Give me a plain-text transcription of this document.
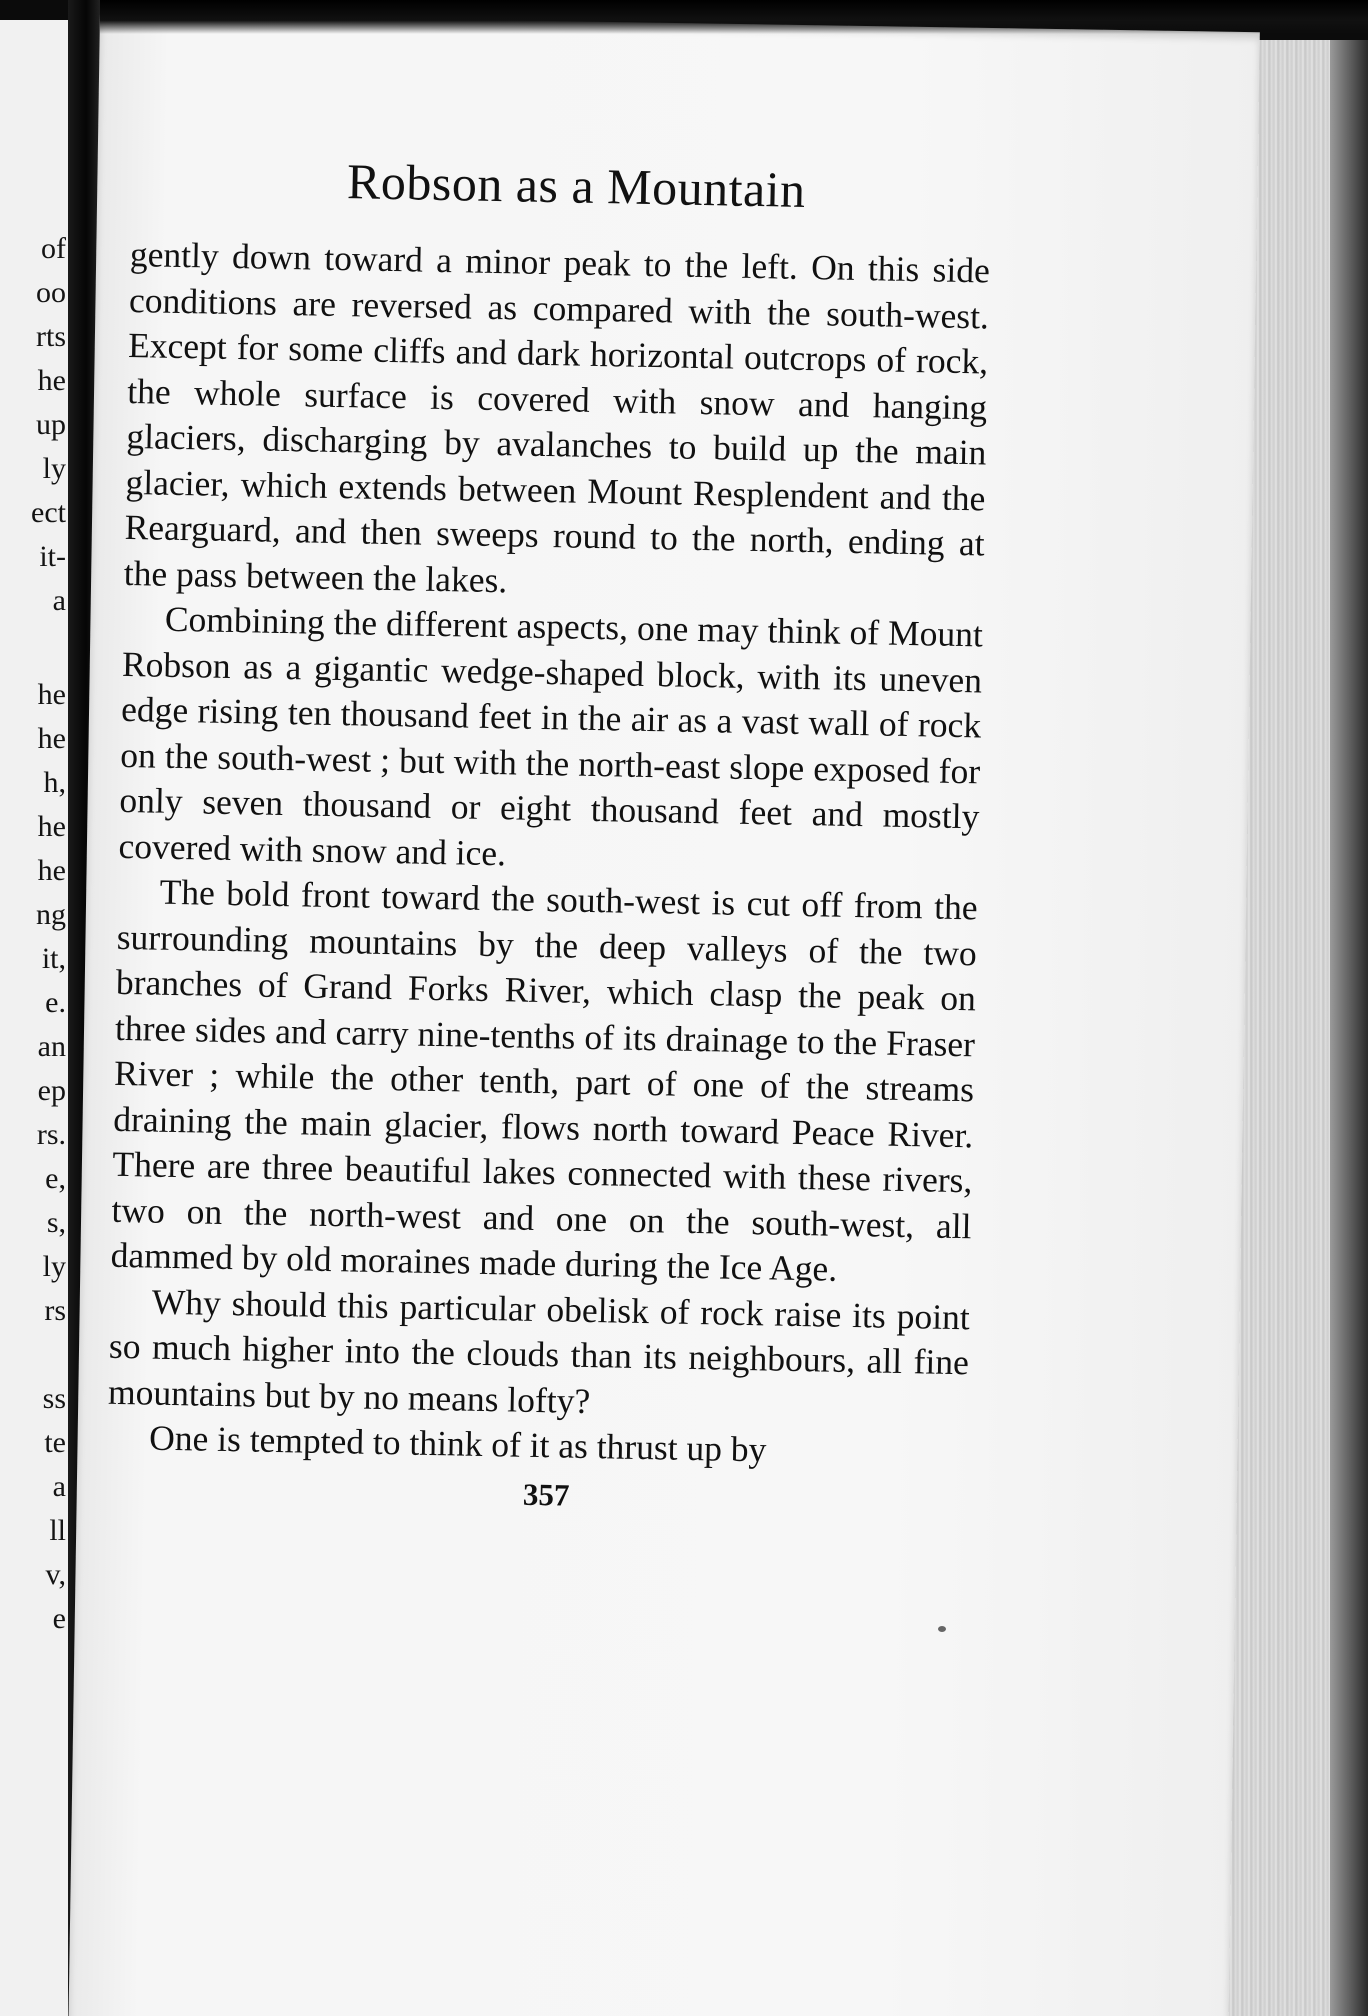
of
oo
rts
he
up
ly
ect
it-
a
he
he
h,
he
he
ng
it,
e.
an
ep
rs.
e,
s,
ly
rs
ss
te
a
ll
v,
e
Robson as a Mountain

gently down toward a minor peak to the left. On this side conditions are reversed as compared with the south-west. Except for some cliffs and dark horizontal outcrops of rock, the whole surface is covered with snow and hanging glaciers, discharging by avalanches to build up the main glacier, which extends between Mount Resplendent and the Rearguard, and then sweeps round to the north, ending at the pass between the lakes.

Combining the different aspects, one may think of Mount Robson as a gigantic wedge-shaped block, with its uneven edge rising ten thousand feet in the air as a vast wall of rock on the south-west ; but with the north-east slope exposed for only seven thousand or eight thousand feet and mostly covered with snow and ice.

The bold front toward the south-west is cut off from the surrounding mountains by the deep valleys of the two branches of Grand Forks River, which clasp the peak on three sides and carry nine-tenths of its drainage to the Fraser River ; while the other tenth, part of one of the streams draining the main glacier, flows north toward Peace River. There are three beautiful lakes connected with these rivers, two on the north-west and one on the south-west, all dammed by old moraines made during the Ice Age.

Why should this particular obelisk of rock raise its point so much higher into the clouds than its neighbours, all fine mountains but by no means lofty?

One is tempted to think of it as thrust up by

357
